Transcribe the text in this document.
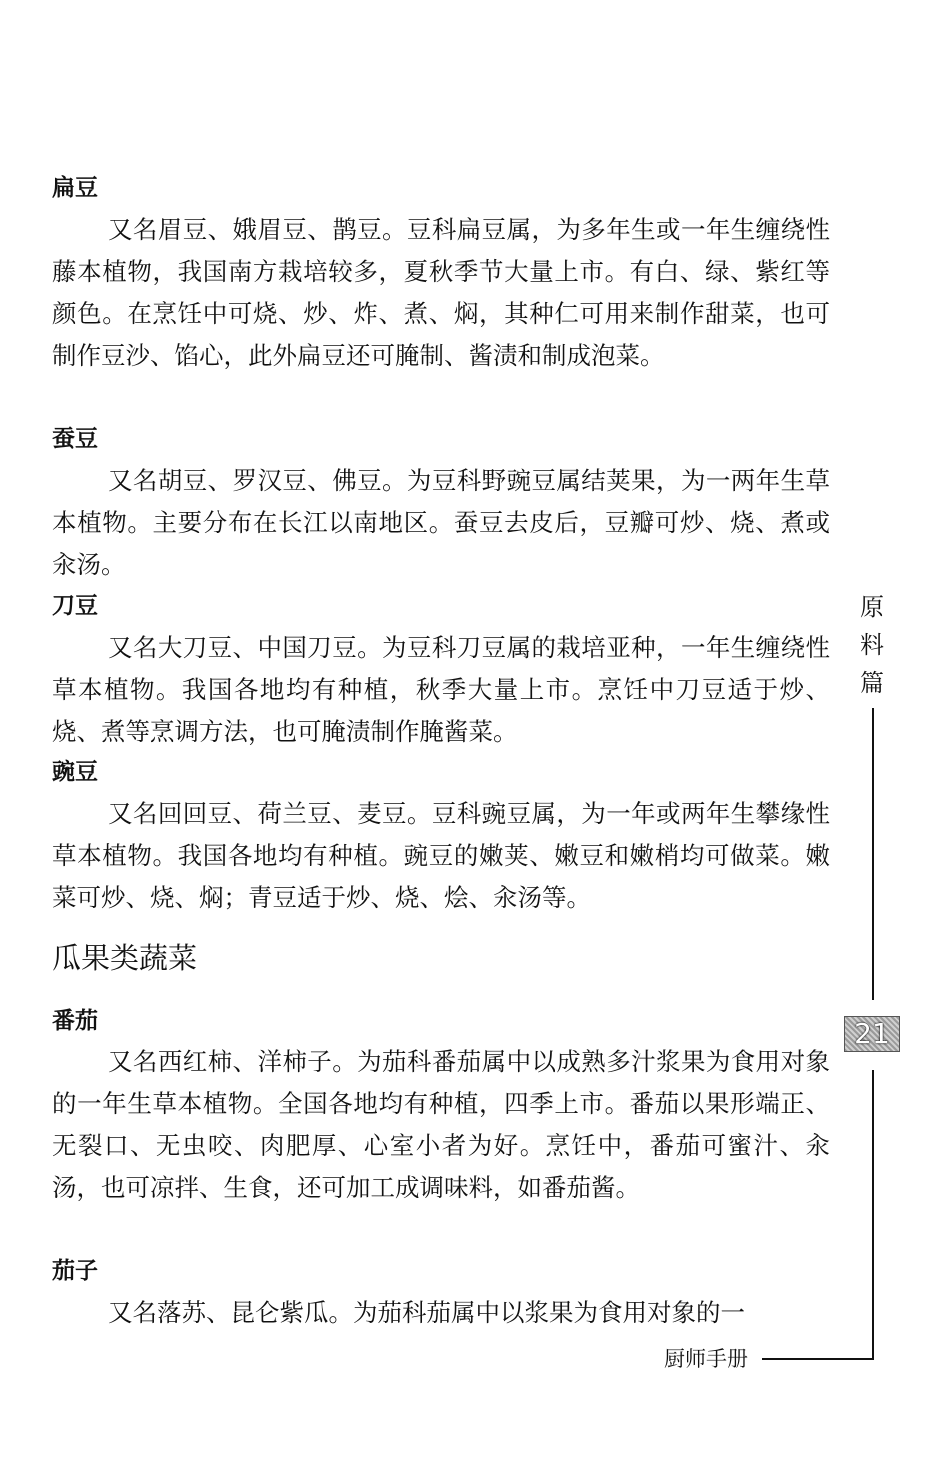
扁豆

又名眉豆、娥眉豆、鹊豆。豆科扁豆属，为多年生或一年生缠绕性藤本植物，我国南方栽培较多，夏秋季节大量上市。有白、绿、紫红等颜色。在烹饪中可烧、炒、炸、煮、焖，其种仁可用来制作甜菜，也可制作豆沙、馅心，此外扁豆还可腌制、酱渍和制成泡菜。

蚕豆

又名胡豆、罗汉豆、佛豆。为豆科野豌豆属结荚果，为一两年生草本植物。主要分布在长江以南地区。蚕豆去皮后，豆瓣可炒、烧、煮或汆汤。

刀豆

又名大刀豆、中国刀豆。为豆科刀豆属的栽培亚种，一年生缠绕性草本植物。我国各地均有种植，秋季大量上市。烹饪中刀豆适于炒、烧、煮等烹调方法，也可腌渍制作腌酱菜。

豌豆

又名回回豆、荷兰豆、麦豆。豆科豌豆属，为一年或两年生攀缘性草本植物。我国各地均有种植。豌豆的嫩荚、嫩豆和嫩梢均可做菜。嫩菜可炒、烧、焖；青豆适于炒、烧、烩、汆汤等。

瓜果类蔬菜
番茄

又名西红柿、洋柿子。为茄科番茄属中以成熟多汁浆果为食用对象的一年生草本植物。全国各地均有种植，四季上市。番茄以果形端正、无裂口、无虫咬、肉肥厚、心室小者为好。烹饪中，番茄可蜜汁、汆汤，也可凉拌、生食，还可加工成调味料，如番茄酱。

茄子

又名落苏、昆仑紫瓜。为茄科茄属中以浆果为食用对象的一

原
料
篇
21
厨师手册
